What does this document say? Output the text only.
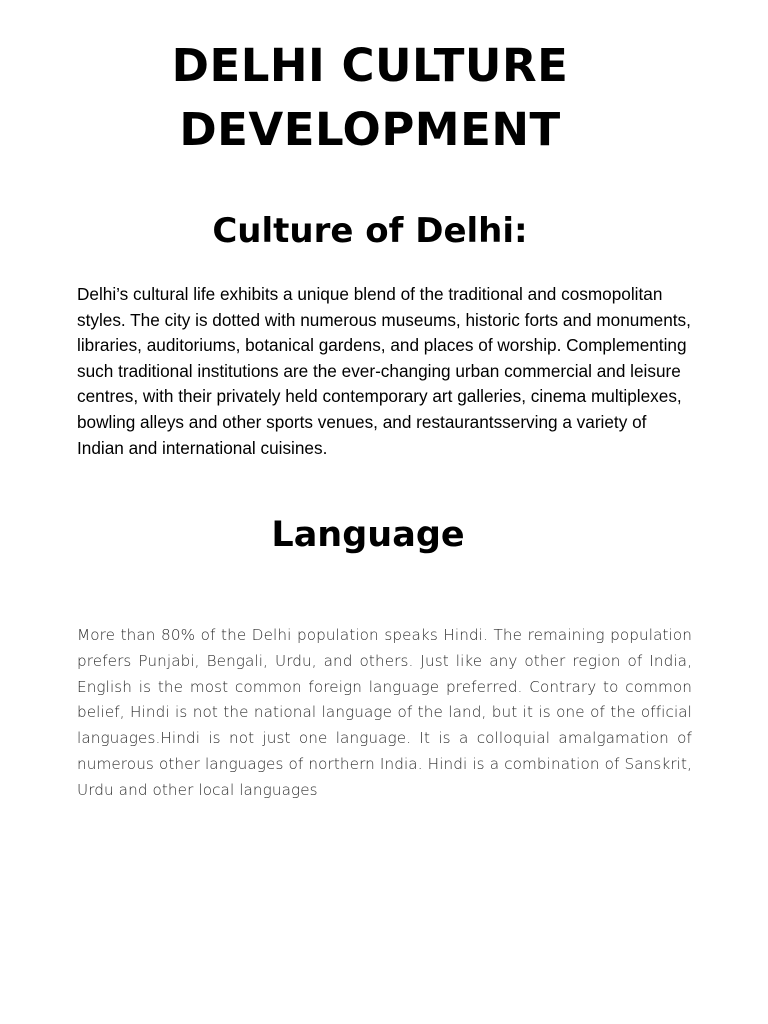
DELHI CULTURE
DEVELOPMENT
Culture of Delhi:

Delhi’s cultural life exhibits a unique blend of the traditional and cosmopolitan styles. The city is dotted with numerous museums, historic forts and monuments, libraries, auditoriums, botanical gardens, and places of worship. Complementing such traditional institutions are the ever-changing urban commercial and leisure centres, with their privately held contemporary art galleries, cinema multiplexes, bowling alleys and other sports venues, and restaurantsserving a variety of Indian and international cuisines.

Language

More than 80% of the Delhi population speaks Hindi. The remaining population prefers Punjabi, Bengali, Urdu, and others. Just like any other region of India, English is the most common foreign language preferred. Contrary to common belief, Hindi is not the national language of the land, but it is one of the official languages.Hindi is not just one language. It is a colloquial amalgamation of numerous other languages of northern India. Hindi is a combination of Sanskrit, Urdu and other local languages
